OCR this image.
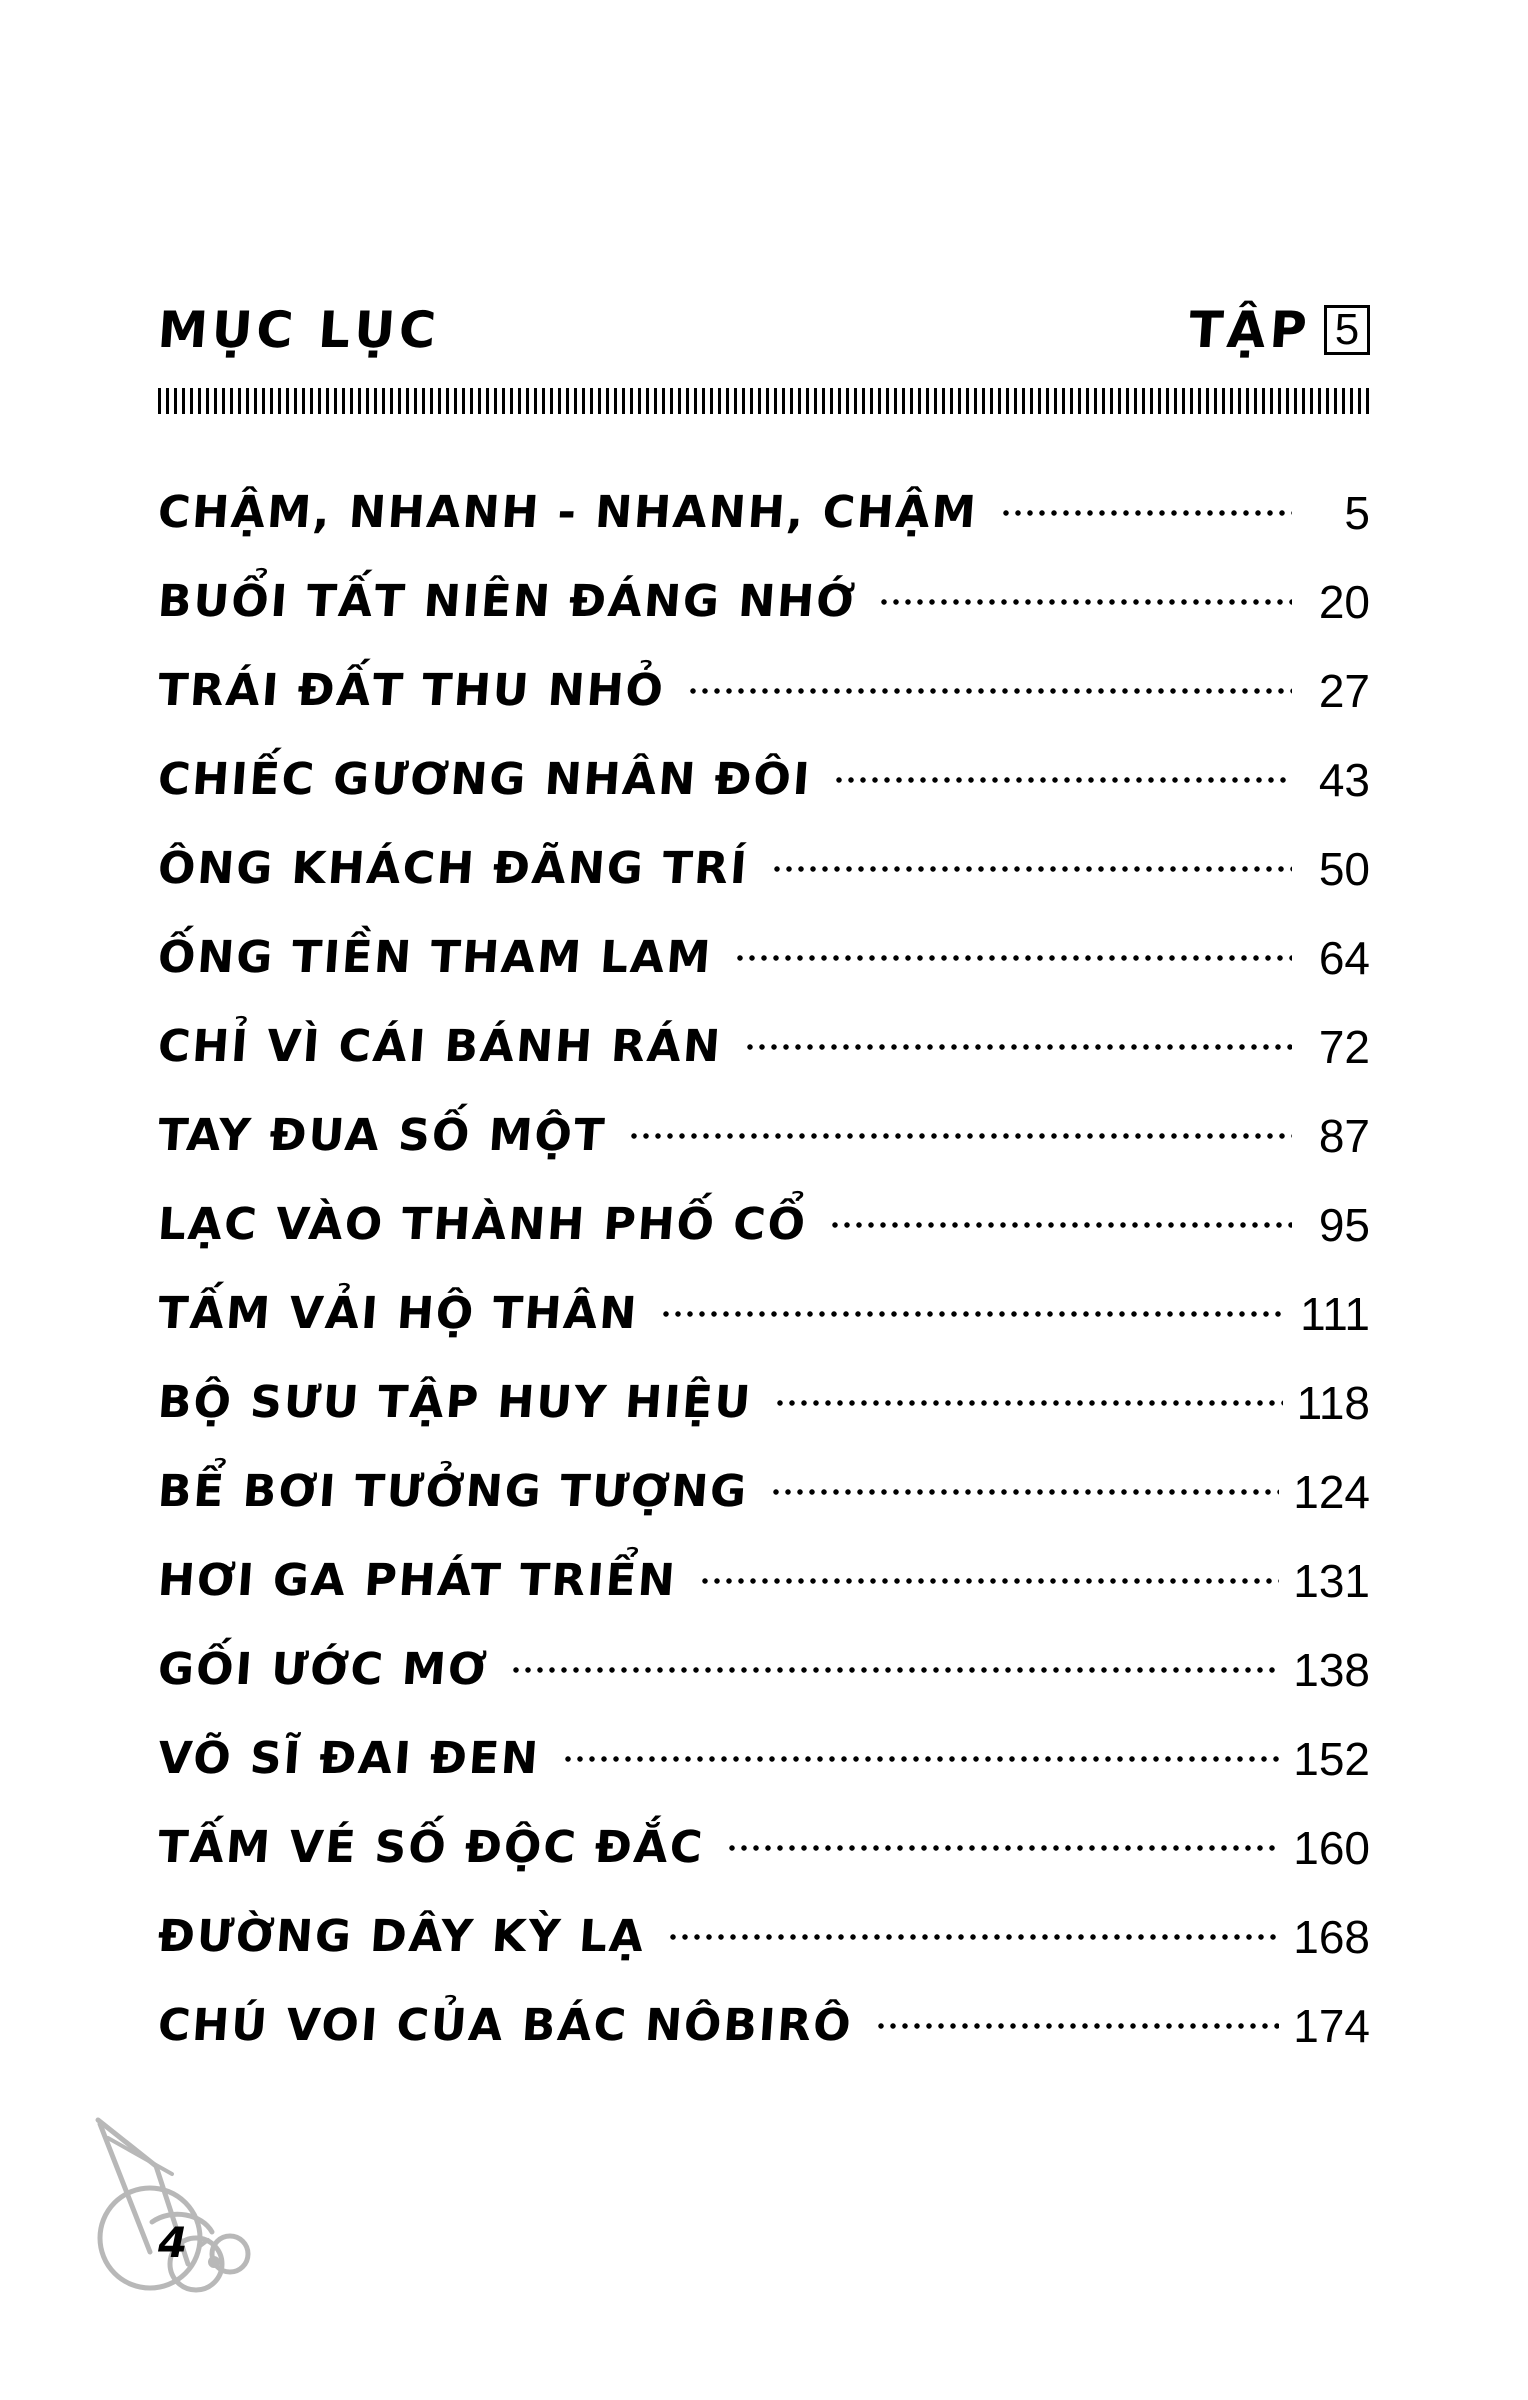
MỤC LỤC	TẬP 5
CHẬM, NHANH - NHANH, CHẬM	5
BUỔI TẤT NIÊN ĐÁNG NHỚ	20
TRÁI ĐẤT THU NHỎ	27
CHIẾC GƯƠNG NHÂN ĐÔI	43
ÔNG KHÁCH ĐÃNG TRÍ	50
ỐNG TIỀN THAM LAM	64
CHỈ VÌ CÁI BÁNH RÁN	72
TAY ĐUA SỐ MỘT	87
LẠC VÀO THÀNH PHỐ CỔ	95
TẤM VẢI HỘ THÂN	111
BỘ SƯU TẬP HUY HIỆU	118
BỂ BƠI TƯỞNG TƯỢNG	124
HƠI GA PHÁT TRIỂN	131
GỐI ƯỚC MƠ	138
VÕ SĨ ĐAI ĐEN	152
TẤM VÉ SỐ ĐỘC ĐẮC	160
ĐƯỜNG DÂY KỲ LẠ	168
CHÚ VOI CỦA BÁC NÔBIRÔ	174
4
